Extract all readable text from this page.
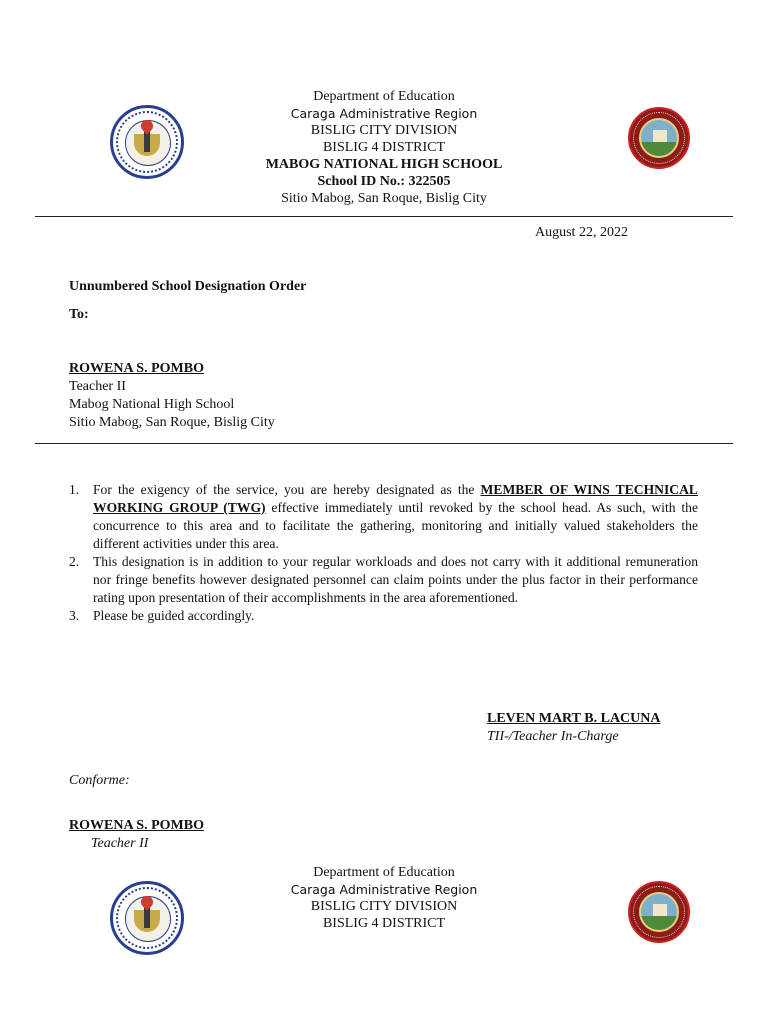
Department of Education
Caraga Administrative Region
BISLIG CITY DIVISION
BISLIG 4 DISTRICT
MABOG NATIONAL HIGH SCHOOL
School ID No.: 322505
Sitio Mabog, San Roque, Bislig City
August 22, 2022
Unnumbered School Designation Order
To:
ROWENA S. POMBO
Teacher II
Mabog National High School
Sitio Mabog, San Roque, Bislig City
1. For the exigency of the service, you are hereby designated as the MEMBER OF WINS TECHNICAL WORKING GROUP (TWG) effective immediately until revoked by the school head. As such, with the concurrence to this area and to facilitate the gathering, monitoring and initially valued stakeholders the different activities under this area.
2. This designation is in addition to your regular workloads and does not carry with it additional remuneration nor fringe benefits however designated personnel can claim points under the plus factor in their performance rating upon presentation of their accomplishments in the area aforementioned.
3. Please be guided accordingly.
LEVEN MART B. LACUNA
TII-/Teacher In-Charge
Conforme:
ROWENA S. POMBO
Teacher II
Department of Education
Caraga Administrative Region
BISLIG CITY DIVISION
BISLIG 4 DISTRICT
